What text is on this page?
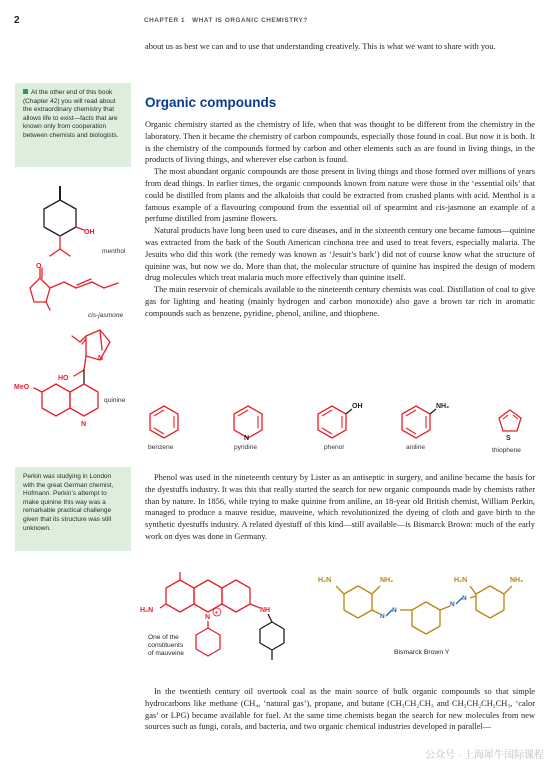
2	CHAPTER 1 WHAT IS ORGANIC CHEMISTRY?

about us as best we can and to use that understanding creatively. This is what we want to share with you.

At the other end of this book (Chapter 42) you will read about the extraordinary chemistry that allows life to exist—facts that are known only from cooperation between chemists and biologists.
Organic compounds

Organic chemistry started as the chemistry of life, when that was thought to be different from the chemistry in the laboratory. Then it became the chemistry of carbon compounds, especially those found in coal. But now it is both. It is the chemistry of the compounds formed by carbon and other elements such as are found in living things, in the products of living things, and wherever else carbon is found.

The most abundant organic compounds are those present in living things and those formed over millions of years from dead things. In earlier times, the organic compounds known from nature were those in the ‘essential oils’ that could be distilled from plants and the alkaloids that could be extracted from crushed plants with acid. Menthol is a famous example of a flavouring compound from the essential oil of spearmint and cis-jasmone an example of a perfume distilled from jasmine flowers.

Natural products have long been used to cure diseases, and in the sixteenth century one became famous—quinine was extracted from the bark of the South American cinchona tree and used to treat fevers, especially malaria. The Jesuits who did this work (the remedy was known as ‘Jesuit’s bark’) did not of course know what the structure of quinine was, but now we do. More than that, the molecular structure of quinine has inspired the design of modern drug molecules which treat malaria much more effectively than quinine itself.

The main reservoir of chemicals available to the nineteenth century chemists was coal. Distillation of coal to give gas for lighting and heating (mainly hydrogen and carbon monoxide) also gave a brown tar rich in aromatic compounds such as benzene, pyridine, phenol, aniline, and thiophene.

OH
menthol
O
cis-jasmone
N
HO
MeO
N
quinine
benzene
N
pyridine
OH
phenol
NH₂
aniline
S
thiophene
Perkin was studying in London with the great German chemist, Hofmann. Perkin’s attempt to make quinine this way was a remarkable practical challenge given that its structure was still unknown.

Phenol was used in the nineteenth century by Lister as an antiseptic in surgery, and aniline became the basis for the dyestuffs industry. It was this that really started the search for new organic compounds made by chemists rather than by nature. In 1856, while trying to make quinine from aniline, an 18-year old British chemist, William Perkin, managed to produce a mauve residue, mauveine, which revolutionized the dyeing of cloth and gave birth to the synthetic dyestuffs industry. A related dyestuff of this kind—still available—is Bismarck Brown: much of the early work on dyes was done in Germany.

H₂N
N
+	NH
One of the
constituents
of mauveine
H₂N	NH₂
N
N
N
N
H₂N	NH₂
Bismarck Brown Y

In the twentieth century oil overtook coal as the main source of bulk organic compounds so that simple hydrocarbons like methane (CH₄, ‘natural gas’), propane, and butane (CH₃CH₂CH₃ and CH₃CH₂CH₂CH₃, ‘calor gas’ or LPG) became available for fuel. At the same time chemists began the search for new molecules from new sources such as fungi, corals, and bacteria, and two organic chemical industries developed in parallel—

公众号 · 上海犀牛国际课程
